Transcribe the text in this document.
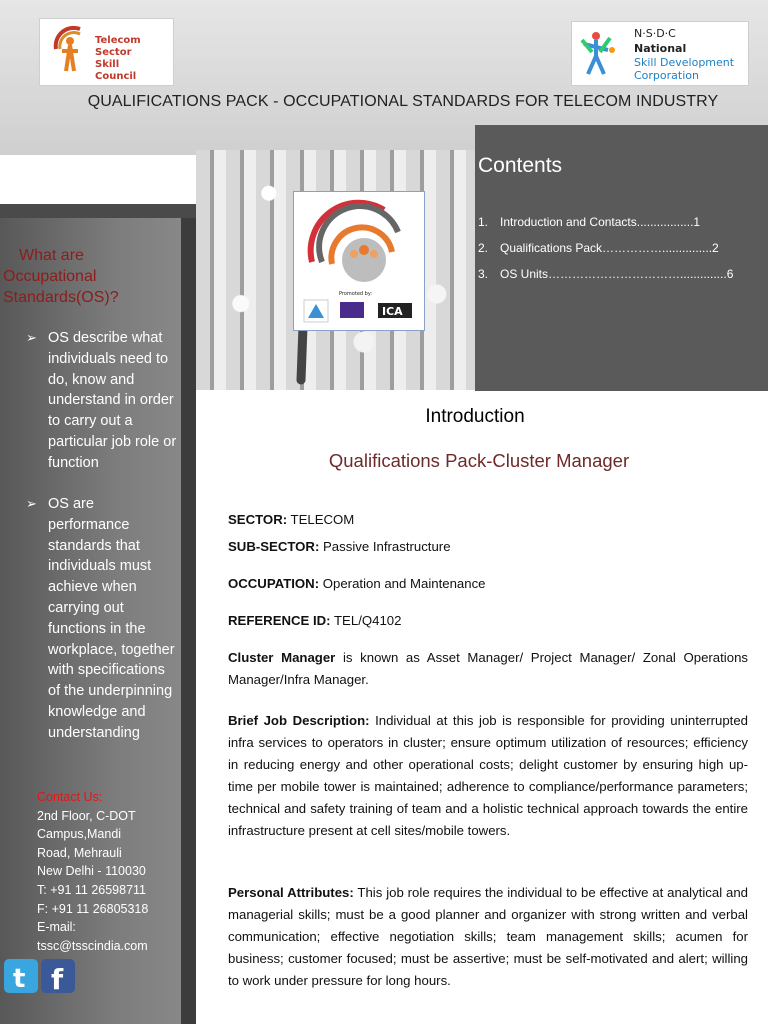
Telecom
Sector
Skill
Council
N·S·D·C
National
Skill Development
Corporation
QUALIFICATIONS PACK - OCCUPATIONAL STANDARDS FOR TELECOM INDUSTRY
Promoted by:
ICA
Contents
1. Introduction and Contacts.................1
2. Qualifications Pack……………...............2
3. OS Units……………………………..............6
What are
Occupational
Standards(OS)?
➢ OS describe what individuals need to do, know and understand in order to carry out a particular job role or function
➢ OS are performance standards that individuals must achieve when carrying out functions in the workplace, together with specifications of the underpinning knowledge and understanding
Contact Us:
2nd Floor, C-DOT
Campus,Mandi
Road, Mehrauli
New Delhi - 110030
T: +91 11 26598711
F: +91 11 26805318
E-mail:
tssc@tsscindia.com
t f
Introduction
Qualifications Pack-Cluster Manager
SECTOR: TELECOM
SUB-SECTOR: Passive Infrastructure
OCCUPATION: Operation and Maintenance
REFERENCE ID: TEL/Q4102
Cluster Manager is known as Asset Manager/ Project Manager/ Zonal Operations Manager/Infra Manager.
Brief Job Description: Individual at this job is responsible for providing uninterrupted infra services to operators in cluster; ensure optimum utilization of resources; efficiency in reducing energy and other operational costs; delight customer by ensuring high up-time per mobile tower is maintained; adherence to compliance/performance parameters; technical and safety training of team and a holistic technical approach towards the entire infrastructure present at cell sites/mobile towers.
Personal Attributes: This job role requires the individual to be effective at analytical and managerial skills; must be a good planner and organizer with strong written and verbal communication; effective negotiation skills; team management skills; acumen for business; customer focused; must be assertive; must be self-motivated and alert; willing to work under pressure for long hours.
